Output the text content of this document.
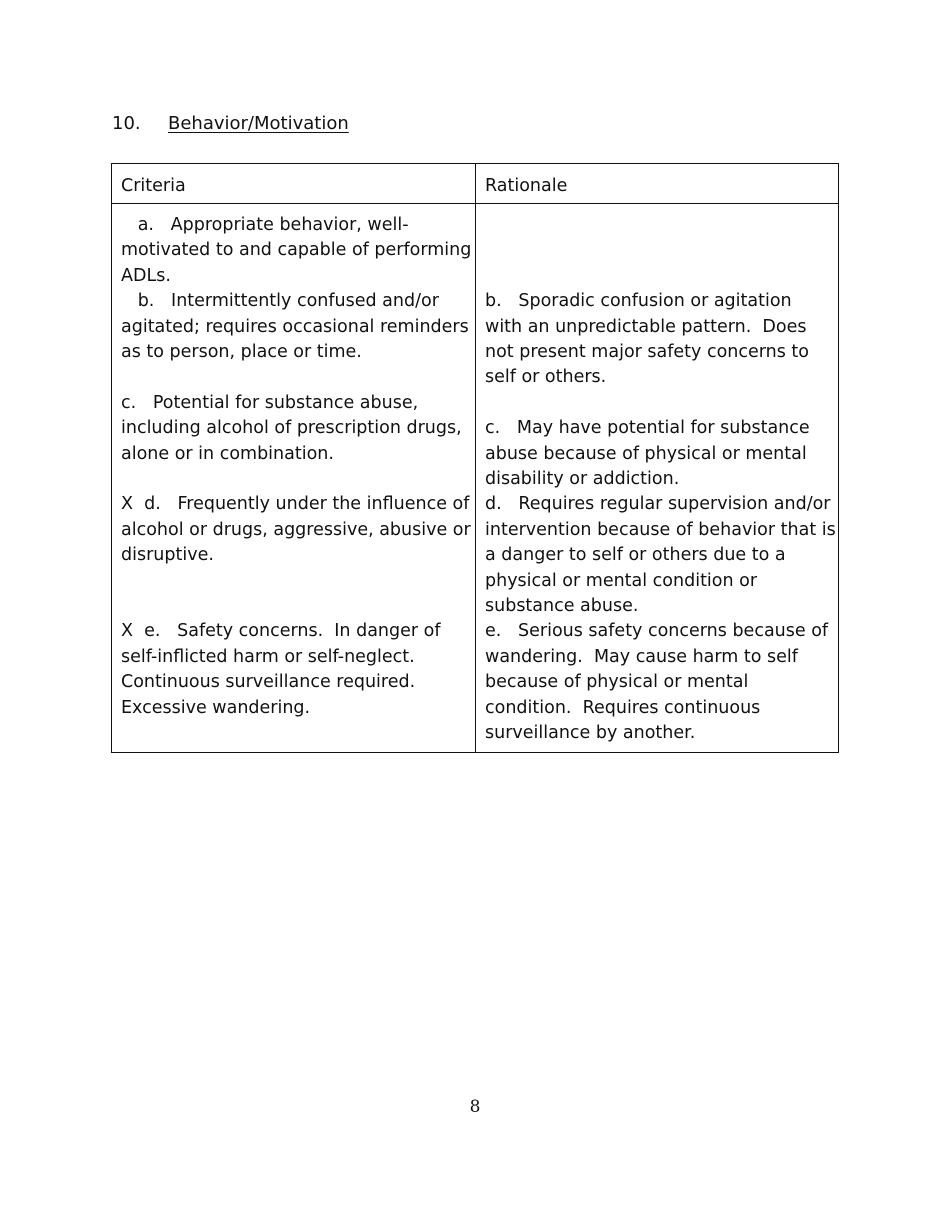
10. Behavior/Motivation
Criteria	Rationale
a.   Appropriate behavior, well-
motivated to and capable of performing
ADLs.
b.   Intermittently confused and/or
agitated; requires occasional reminders
as to person, place or time.
c.   Potential for substance abuse,
including alcohol of prescription drugs,
alone or in combination.
X  d.   Frequently under the influence of
alcohol or drugs, aggressive, abusive or
disruptive.
X  e.   Safety concerns.  In danger of
self-inflicted harm or self-neglect.
Continuous surveillance required.
Excessive wandering.
b.   Sporadic confusion or agitation
with an unpredictable pattern.  Does
not present major safety concerns to
self or others.
c.   May have potential for substance
abuse because of physical or mental
disability or addiction.
d.   Requires regular supervision and/or
intervention because of behavior that is
a danger to self or others due to a
physical or mental condition or
substance abuse.
e.   Serious safety concerns because of
wandering.  May cause harm to self
because of physical or mental
condition.  Requires continuous
surveillance by another.
8
